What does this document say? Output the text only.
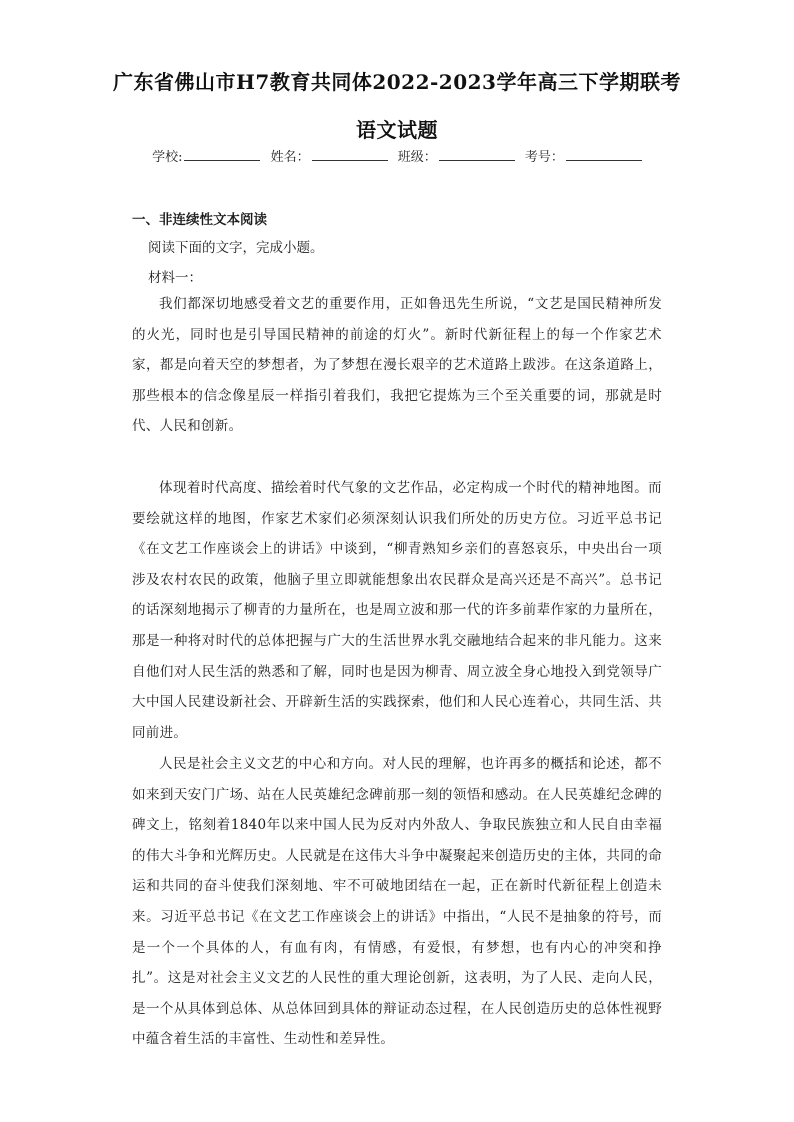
广东省佛山市H7教育共同体2022-2023学年高三下学期联考
语文试题
学校:	姓名：	班级：	考号：
一、非连续性文本阅读
阅读下面的文字，完成小题。
材料一：

我们都深切地感受着文艺的重要作用，正如鲁迅先生所说，“文艺是国民精神所发的火光，同时也是引导国民精神的前途的灯火”。新时代新征程上的每一个作家艺术家，都是向着天空的梦想者，为了梦想在漫长艰辛的艺术道路上跋涉。在这条道路上，那些根本的信念像星辰一样指引着我们，我把它提炼为三个至关重要的词，那就是时代、人民和创新。

体现着时代高度、描绘着时代气象的文艺作品，必定构成一个时代的精神地图。而要绘就这样的地图，作家艺术家们必须深刻认识我们所处的历史方位。习近平总书记《在文艺工作座谈会上的讲话》中谈到，“柳青熟知乡亲们的喜怒哀乐，中央出台一项涉及农村农民的政策，他脑子里立即就能想象出农民群众是高兴还是不高兴”。总书记的话深刻地揭示了柳青的力量所在，也是周立波和那一代的许多前辈作家的力量所在，那是一种将对时代的总体把握与广大的生活世界水乳交融地结合起来的非凡能力。这来自他们对人民生活的熟悉和了解，同时也是因为柳青、周立波全身心地投入到党领导广大中国人民建设新社会、开辟新生活的实践探索，他们和人民心连着心，共同生活、共同前进。

人民是社会主义文艺的中心和方向。对人民的理解，也许再多的概括和论述，都不如来到天安门广场、站在人民英雄纪念碑前那一刻的领悟和感动。在人民英雄纪念碑的碑文上，铭刻着1840年以来中国人民为反对内外敌人、争取民族独立和人民自由幸福的伟大斗争和光辉历史。人民就是在这伟大斗争中凝聚起来创造历史的主体，共同的命运和共同的奋斗使我们深刻地、牢不可破地团结在一起，正在新时代新征程上创造未来。习近平总书记《在文艺工作座谈会上的讲话》中指出，“人民不是抽象的符号，而是一个一个具体的人，有血有肉，有情感，有爱恨，有梦想，也有内心的冲突和挣扎”。这是对社会主义文艺的人民性的重大理论创新，这表明，为了人民、走向人民，是一个从具体到总体、从总体回到具体的辩证动态过程，在人民创造历史的总体性视野中蕴含着生活的丰富性、生动性和差异性。
